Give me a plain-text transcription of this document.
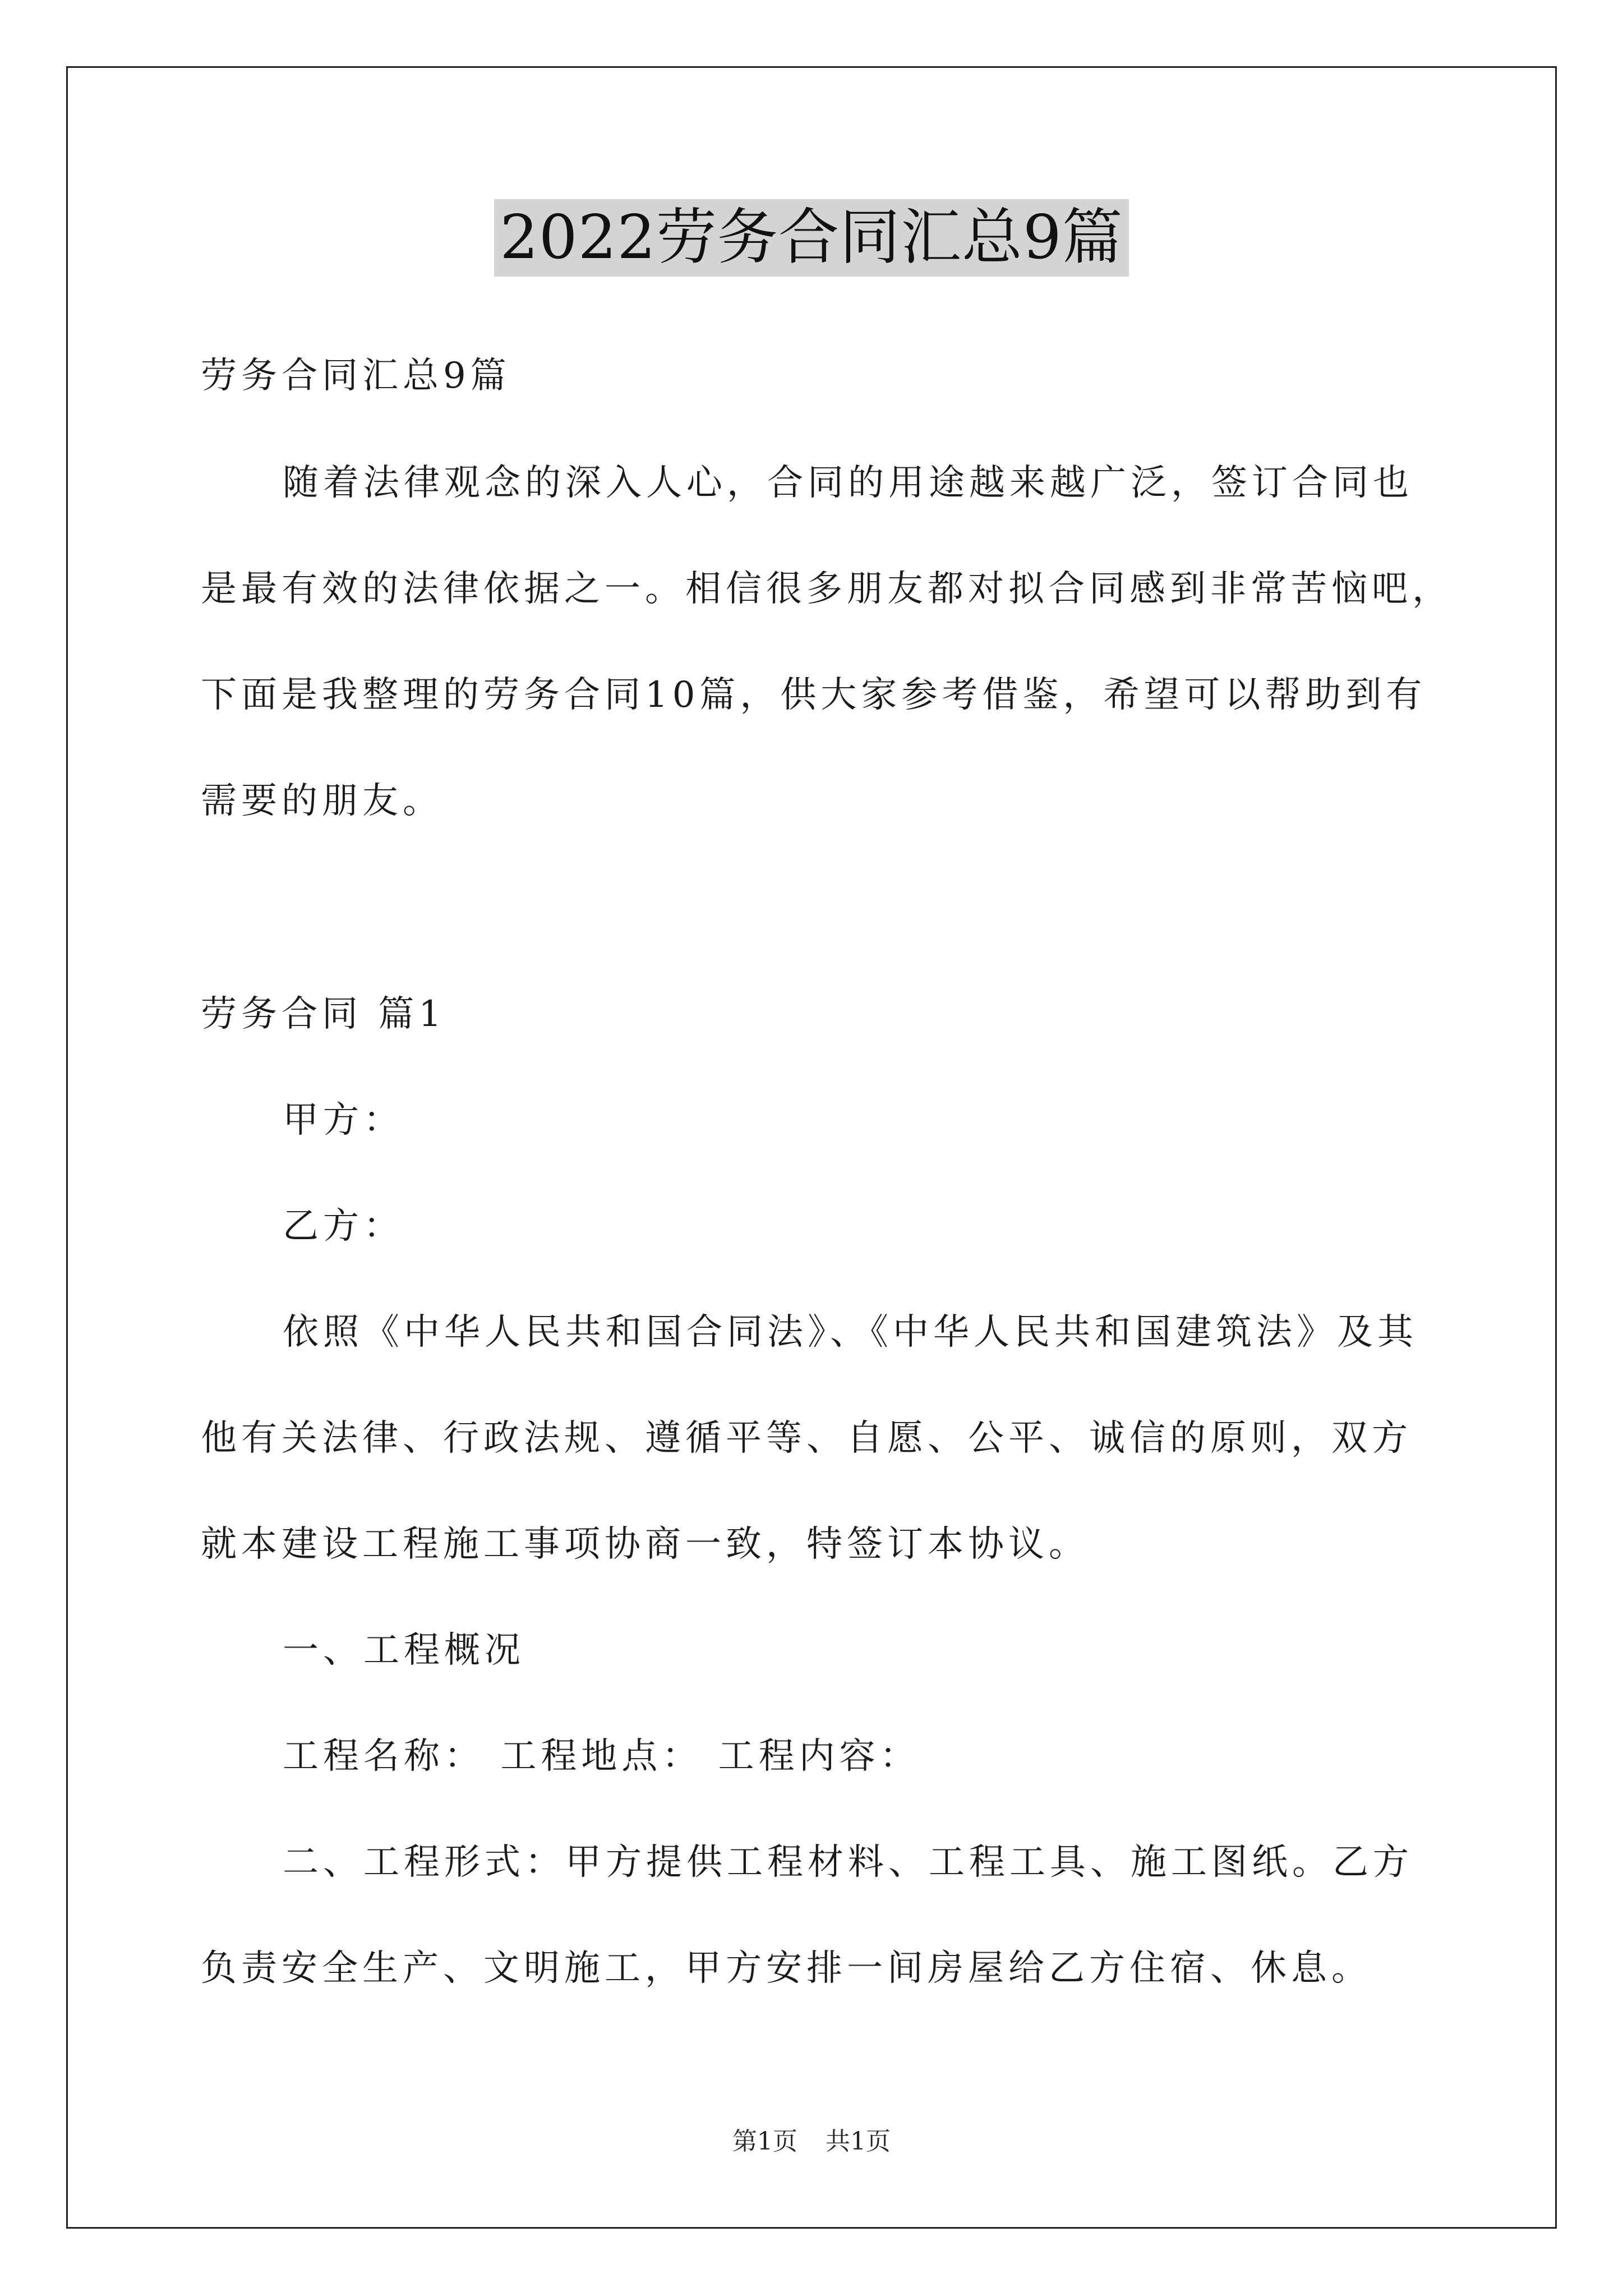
2022劳务合同汇总9篇
劳务合同汇总9篇
随着法律观念的深入人心，合同的用途越来越广泛，签订合同也
是最有效的法律依据之一。相信很多朋友都对拟合同感到非常苦恼吧，
下面是我整理的劳务合同10篇，供大家参考借鉴，希望可以帮助到有
需要的朋友。
劳务合同 篇1
甲方：
乙方：
依照《中华人民共和国合同法》、《中华人民共和国建筑法》及其
他有关法律、行政法规、遵循平等、自愿、公平、诚信的原则，双方
就本建设工程施工事项协商一致，特签订本协议。
一、工程概况
工程名称： 工程地点： 工程内容：
二、工程形式：甲方提供工程材料、工程工具、施工图纸。乙方
负责安全生产、文明施工，甲方安排一间房屋给乙方住宿、休息。
第1页 共1页
